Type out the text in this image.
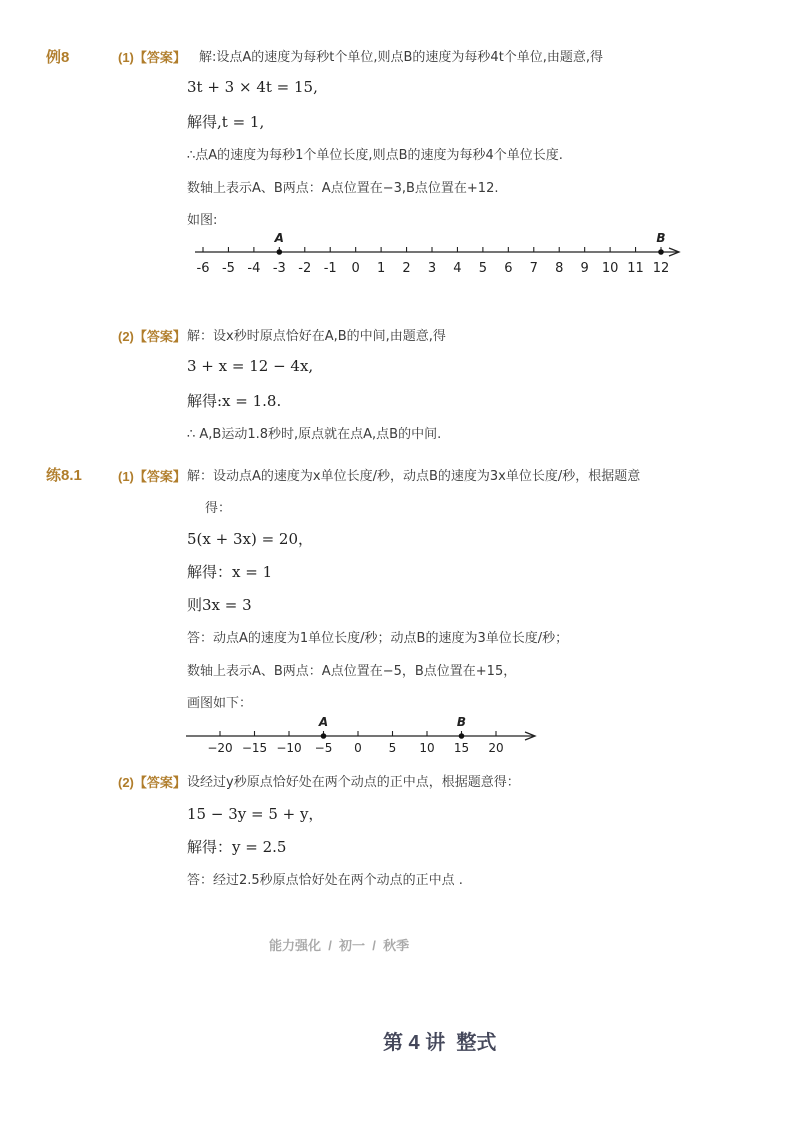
例8	(1)【答案】 解:设点A的速度为每秒t个单位,则点B的速度为每秒4t个单位,由题意,得
3t + 3 × 4t = 15,
解得,t = 1,
∴点A的速度为每秒1个单位长度,则点B的速度为每秒4个单位长度.
数轴上表示A、B两点：A点位置在−3,B点位置在+12.
如图:
-6 -5 -4 -3 -2 -1 0 1 2 3 4 5 6 7 8 9 10 11 12
A	B
(2)【答案】 解：设x秒时原点恰好在A,B的中间,由题意,得
3 + x = 12 − 4x,
解得:x = 1.8.
∴ A,B运动1.8秒时,原点就在点A,点B的中间.
练8.1	(1)【答案】 解：设动点A的速度为x单位长度/秒，动点B的速度为3x单位长度/秒，根据题意
得：
5(x + 3x) = 20，
解得：x = 1
则3x = 3
答：动点A的速度为1单位长度/秒；动点B的速度为3单位长度/秒；
数轴上表示A、B两点：A点位置在−5，B点位置在+15，
画图如下：
−20 −15 −10 −5 0 5 10 15 20
A	B
(2)【答案】 设经过y秒原点恰好处在两个动点的正中点，根据题意得：
15 − 3y = 5 + y，
解得：y = 2.5
答：经过2.5秒原点恰好处在两个动点的正中点 .
能力强化  /  初一  /  秋季
第 4 讲  整式
